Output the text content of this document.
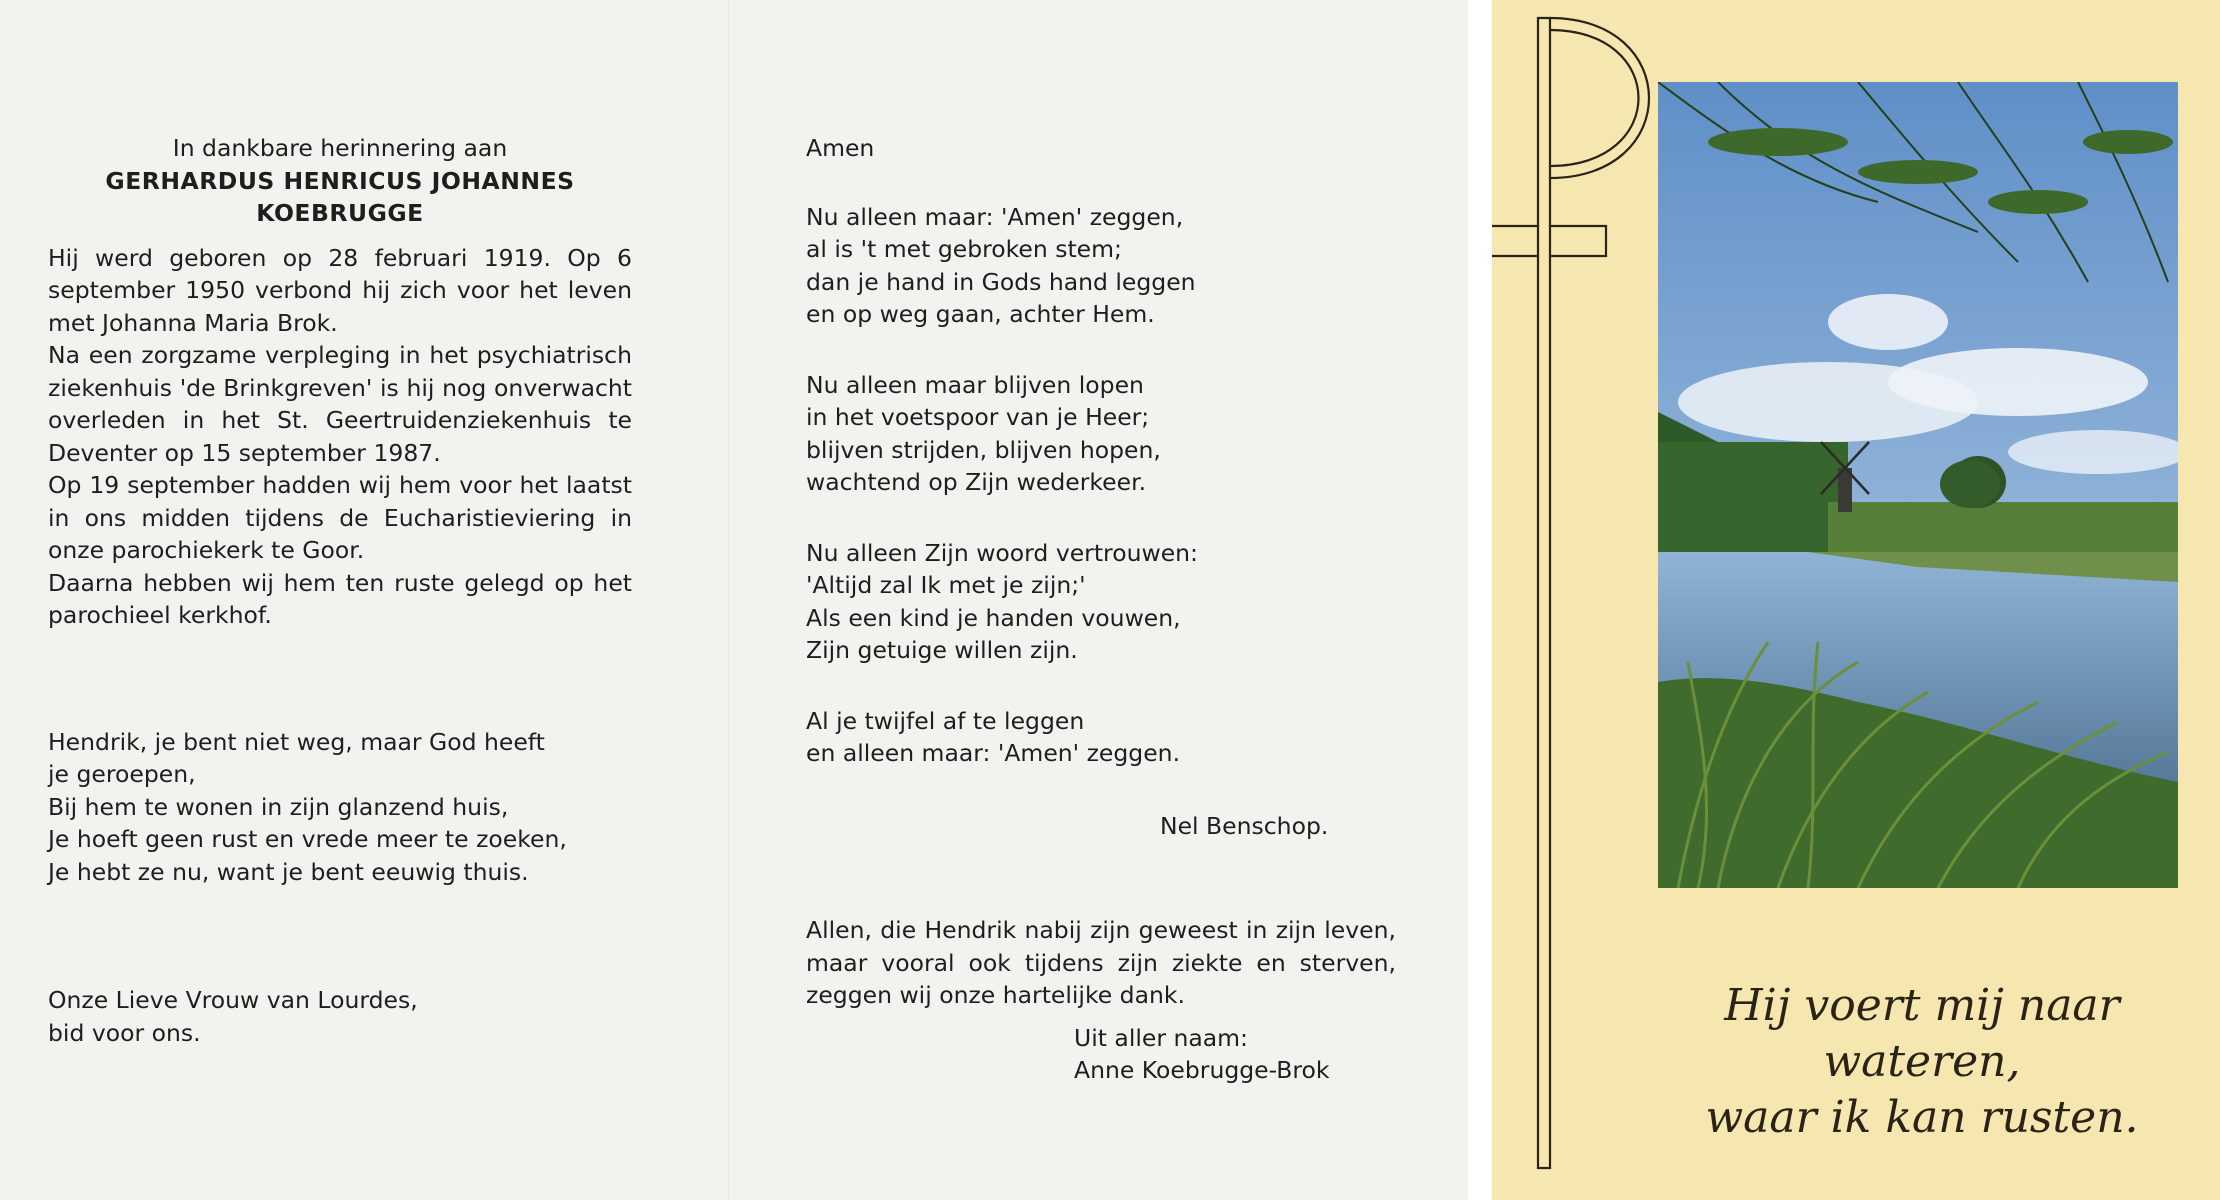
In dankbare herinnering aan

GERHARDUS HENRICUS JOHANNES

KOEBRUGGE

Hij werd geboren op 28 februari 1919. Op 6 september 1950 verbond hij zich voor het leven met Johanna Maria Brok.

Na een zorgzame verpleging in het psychiatrisch ziekenhuis 'de Brinkgreven' is hij nog onverwacht overleden in het St. Geertruidenziekenhuis te Deventer op 15 september 1987.

Op 19 september hadden wij hem voor het laatst in ons midden tijdens de Eucharistieviering in onze parochiekerk te Goor.

Daarna hebben wij hem ten ruste gelegd op het parochieel kerkhof.

Hendrik, je bent niet weg, maar God heeft

je geroepen,

Bij hem te wonen in zijn glanzend huis,

Je hoeft geen rust en vrede meer te zoeken,

Je hebt ze nu, want je bent eeuwig thuis.

Onze Lieve Vrouw van Lourdes,

bid voor ons.

Amen

Nu alleen maar: 'Amen' zeggen,

al is 't met gebroken stem;

dan je hand in Gods hand leggen

en op weg gaan, achter Hem.

Nu alleen maar blijven lopen

in het voetspoor van je Heer;

blijven strijden, blijven hopen,

wachtend op Zijn wederkeer.

Nu alleen Zijn woord vertrouwen:

'Altijd zal Ik met je zijn;'

Als een kind je handen vouwen,

Zijn getuige willen zijn.

Al je twijfel af te leggen

en alleen maar: 'Amen' zeggen.

Nel Benschop.

Allen, die Hendrik nabij zijn geweest in zijn leven, maar vooral ook tijdens zijn ziekte en sterven, zeggen wij onze hartelijke dank.

Uit aller naam:

Anne Koebrugge-Brok

Hij voert mij naar wateren,
waar ik kan rusten.
